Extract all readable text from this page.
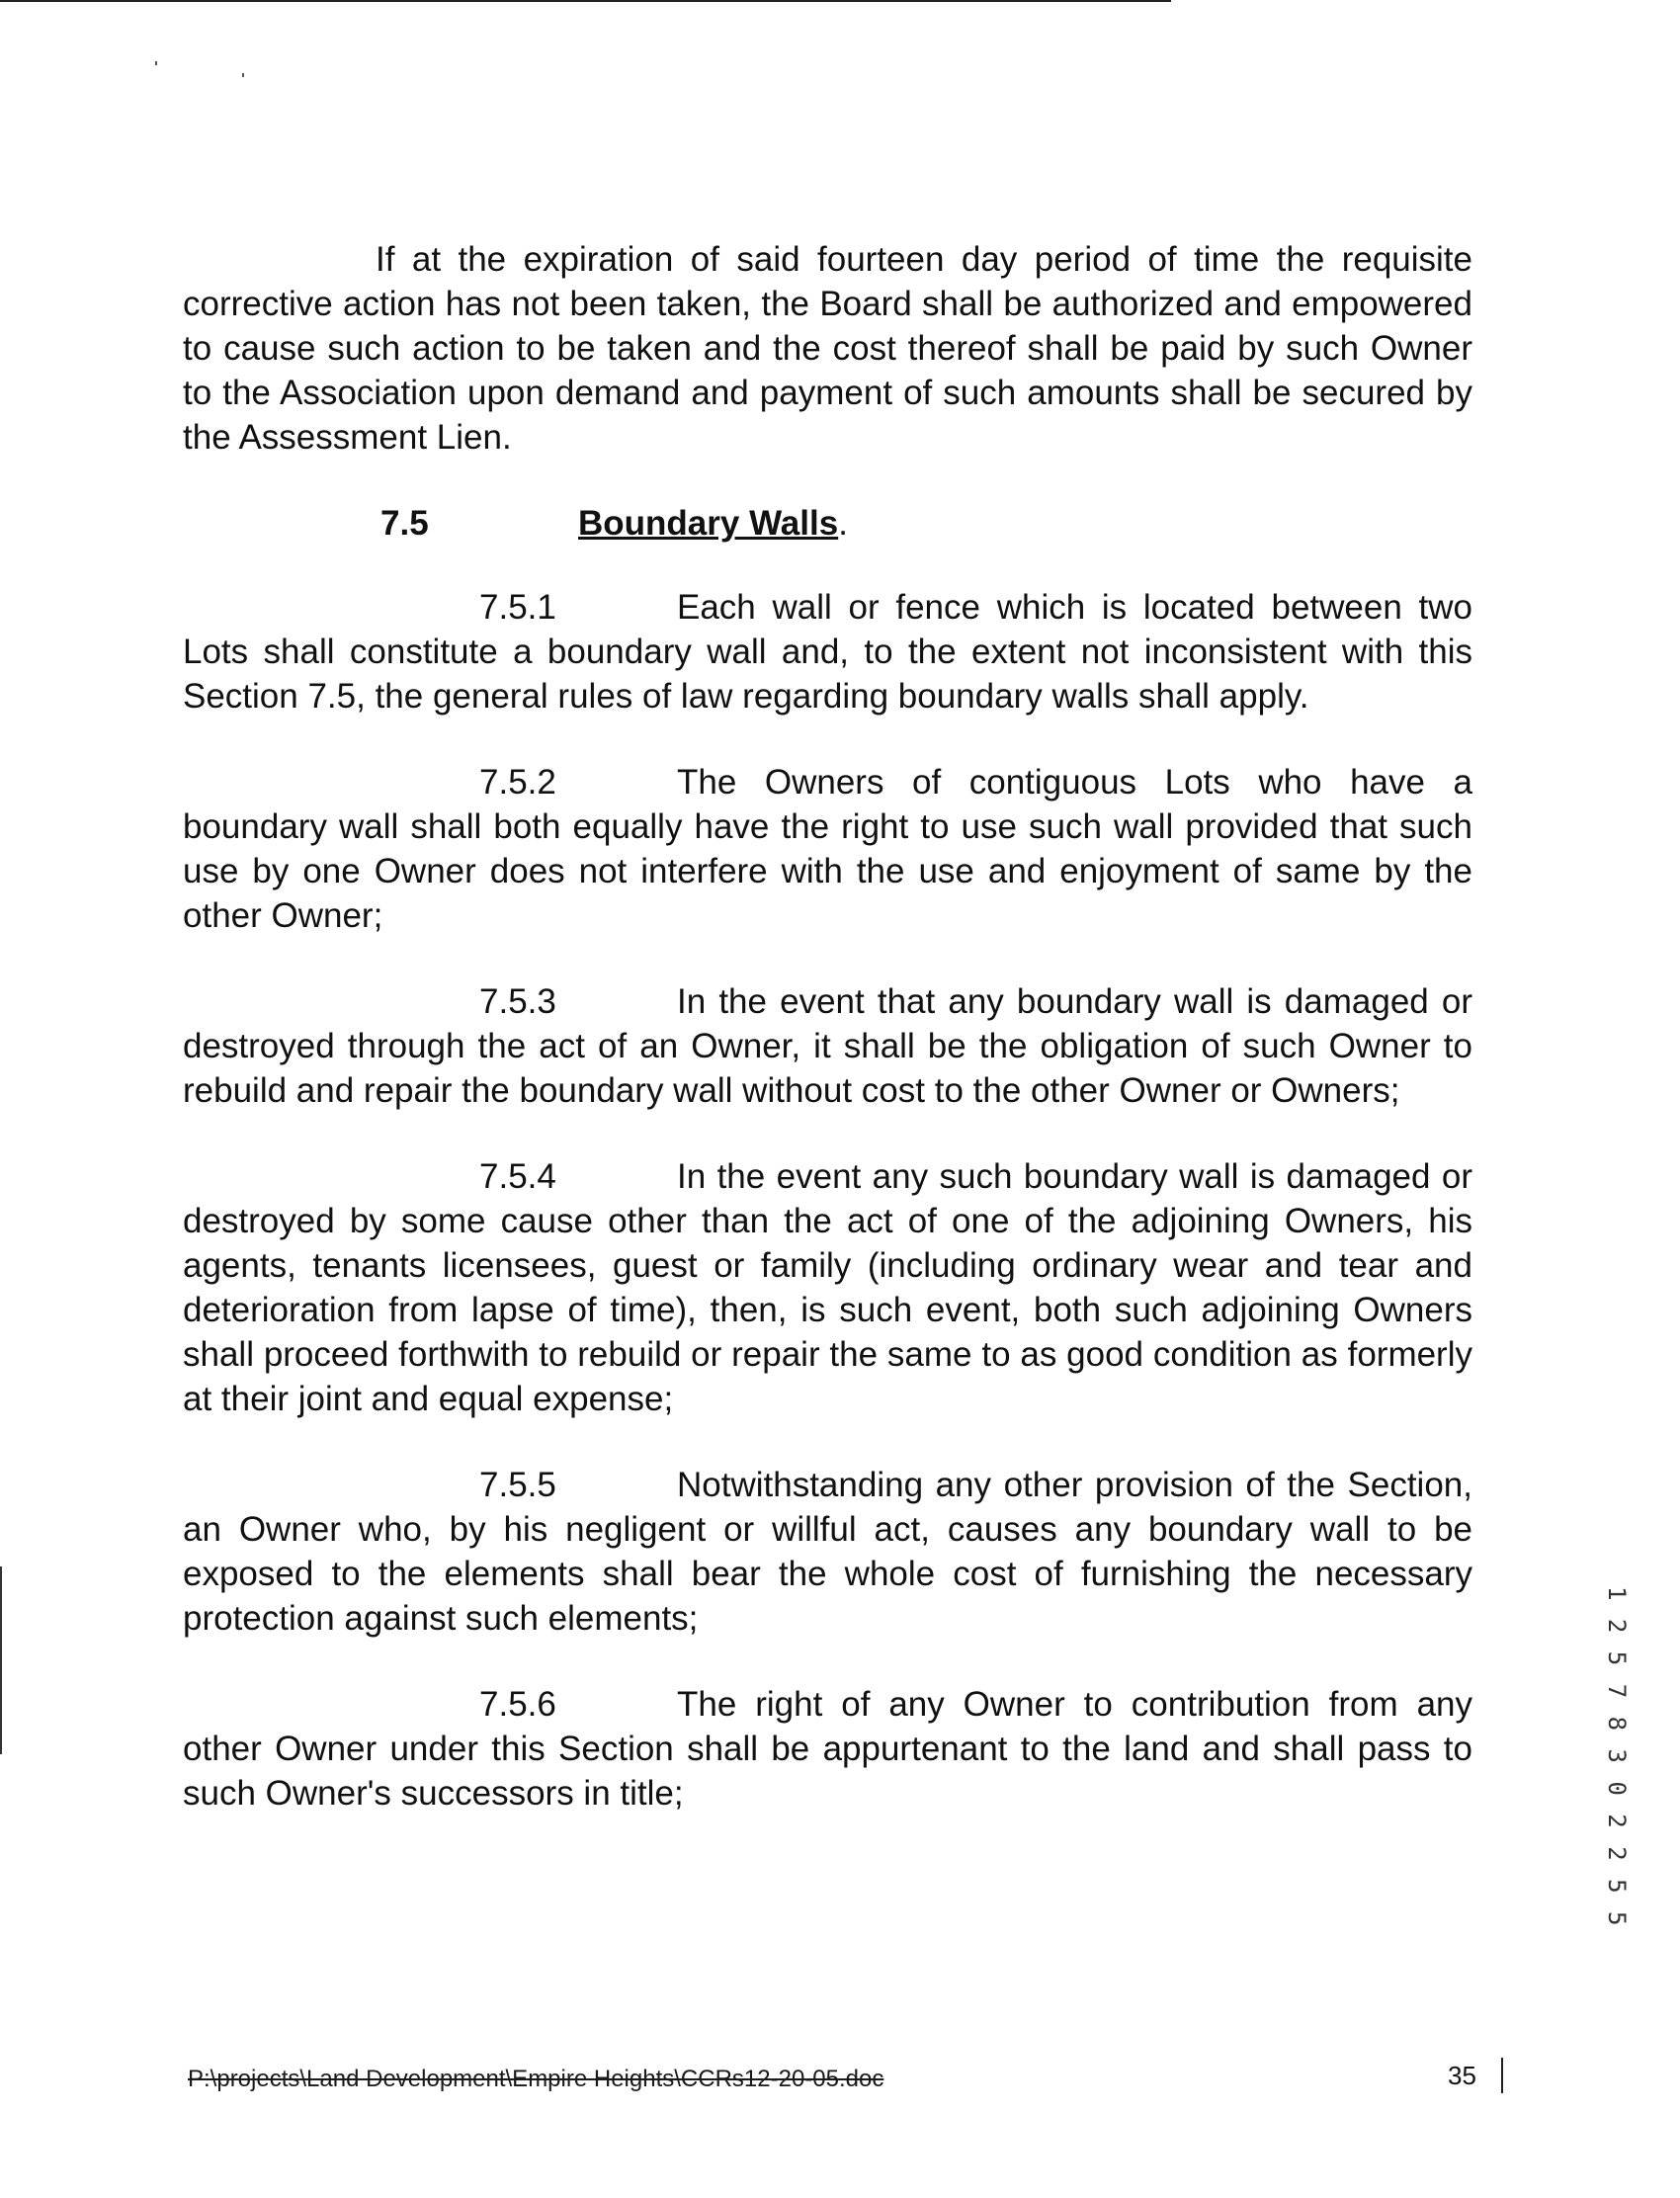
If at the expiration of said fourteen day period of time the requisite corrective action has not been taken, the Board shall be authorized and empowered to cause such action to be taken and the cost thereof shall be paid by such Owner to the Association upon demand and payment of such amounts shall be secured by the Assessment Lien.

7.5	Boundary Walls.

7.5.1	Each wall or fence which is located between two Lots shall constitute a boundary wall and, to the extent not inconsistent with this Section 7.5, the general rules of law regarding boundary walls shall apply.

7.5.2	The Owners of contiguous Lots who have a boundary wall shall both equally have the right to use such wall provided that such use by one Owner does not interfere with the use and enjoyment of same by the other Owner;

7.5.3	In the event that any boundary wall is damaged or destroyed through the act of an Owner, it shall be the obligation of such Owner to rebuild and repair the boundary wall without cost to the other Owner or Owners;

7.5.4	In the event any such boundary wall is damaged or destroyed by some cause other than the act of one of the adjoining Owners, his agents, tenants licensees, guest or family (including ordinary wear and tear and deterioration from lapse of time), then, is such event, both such adjoining Owners shall proceed forthwith to rebuild or repair the same to as good condition as formerly at their joint and equal expense;

7.5.5	Notwithstanding any other provision of the Section, an Owner who, by his negligent or willful act, causes any boundary wall to be exposed to the elements shall bear the whole cost of furnishing the necessary protection against such elements;

7.5.6	The right of any Owner to contribution from any other Owner under this Section shall be appurtenant to the land and shall pass to such Owner's successors in title;

P:\projects\Land Development\Empire Heights\CCRs12-20-05.doc	35
1 2 5 7 8 3 0 2 2 5 5
